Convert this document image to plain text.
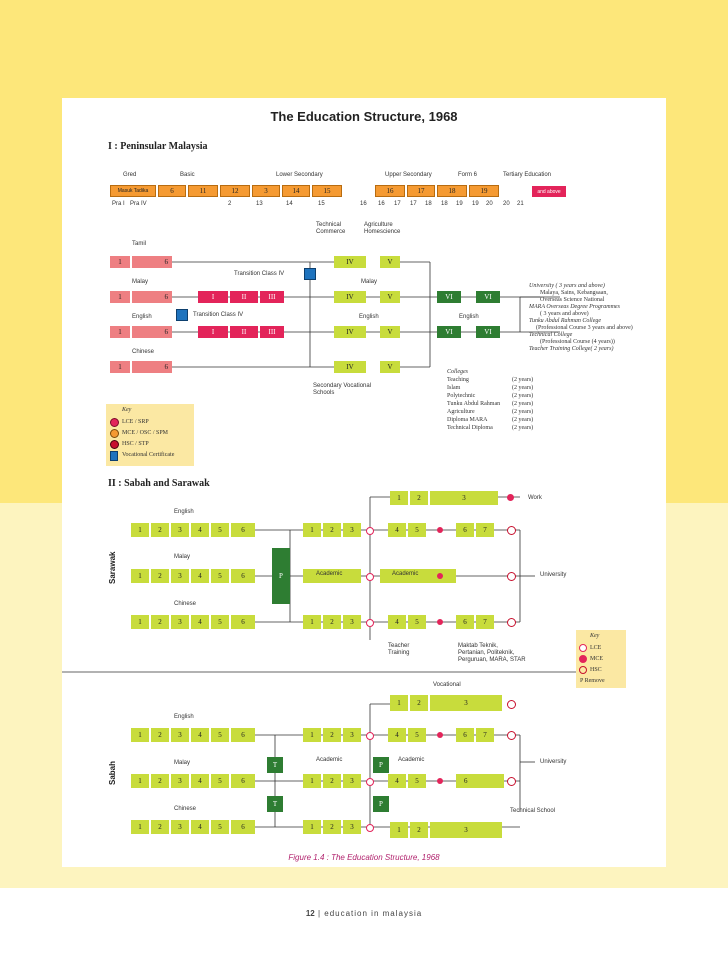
The Education Structure, 1968
I : Peninsular Malaysia
Gred	Basic	Lower Secondary	Upper Secondary	Form 6	Tertiary Education
Masuk Tadika	6	11	12	3	14	15	16	17	18	19	and above
Pra I Pra IV	2	13	14	15	16 16 17 17 18 18 19 19 20 20 21
Technical
Commerce
Agriculture
Homescience
Tamil
Malay
English
Chinese
1	6
1	6
1	6
1	6
I	II	III
I	II	III
Transition Class IV
Transition Class IV
IV	V
IV	V
IV	V
IV	V
Malay
English	English
VI	VI
VI	VI
Secondary Vocational
Schools
University ( 3 years and above)
Malaya, Sains, Kebangsaan,
Overseas Science National
MARA Overseas Degree Programmes
( 3 years and above)
Tunku Abdul Rahman College
(Professional Course 3 years and above)
Technical College
(Professional Course (4 years))
Teacher Training College( 2 years)
Colleges
Teaching	(2 years)
Islam	(2 years)
Polytechnic	(2 years)
Tunku Abdul Rahman (2 years)
Agriculture	(2 years)
Diploma MARA	(2 years)
Technical Diploma	(2 years)
Key
LCE / SRP
MCE / OSC / SPM
HSC / STP
Vocational Certificate
II : Sabah and Sarawak
1	2	3	Work
English
Malay
Chinese
Sarawak
1	2	3	4	5	6	1	2	3	4	5	6	7
1	2	3	4	5	6	P	Academic	Academic	University
1	2	3	4	5	6	1	2	3	4	5	6	7
Teacher
Training
Maktab Teknik,
Pertanian, Politeknik,
Perguruan, MARA, STAR
Key
LCE
MCE
HSC
P Remove
Vocational
1	2	3
English
Malay
Chinese
Sabah
1	2	3	4	5	6	1	2	3	4	5	6	7
T	P
Academic	Academic
1	2	3	4	5	6	1	2	3	4	5	6
University
T	P
1	2	3	4	5	6	1	2	3	1	2	3
Technical School
Figure 1.4 : The Education Structure, 1968
12 | education in malaysia
